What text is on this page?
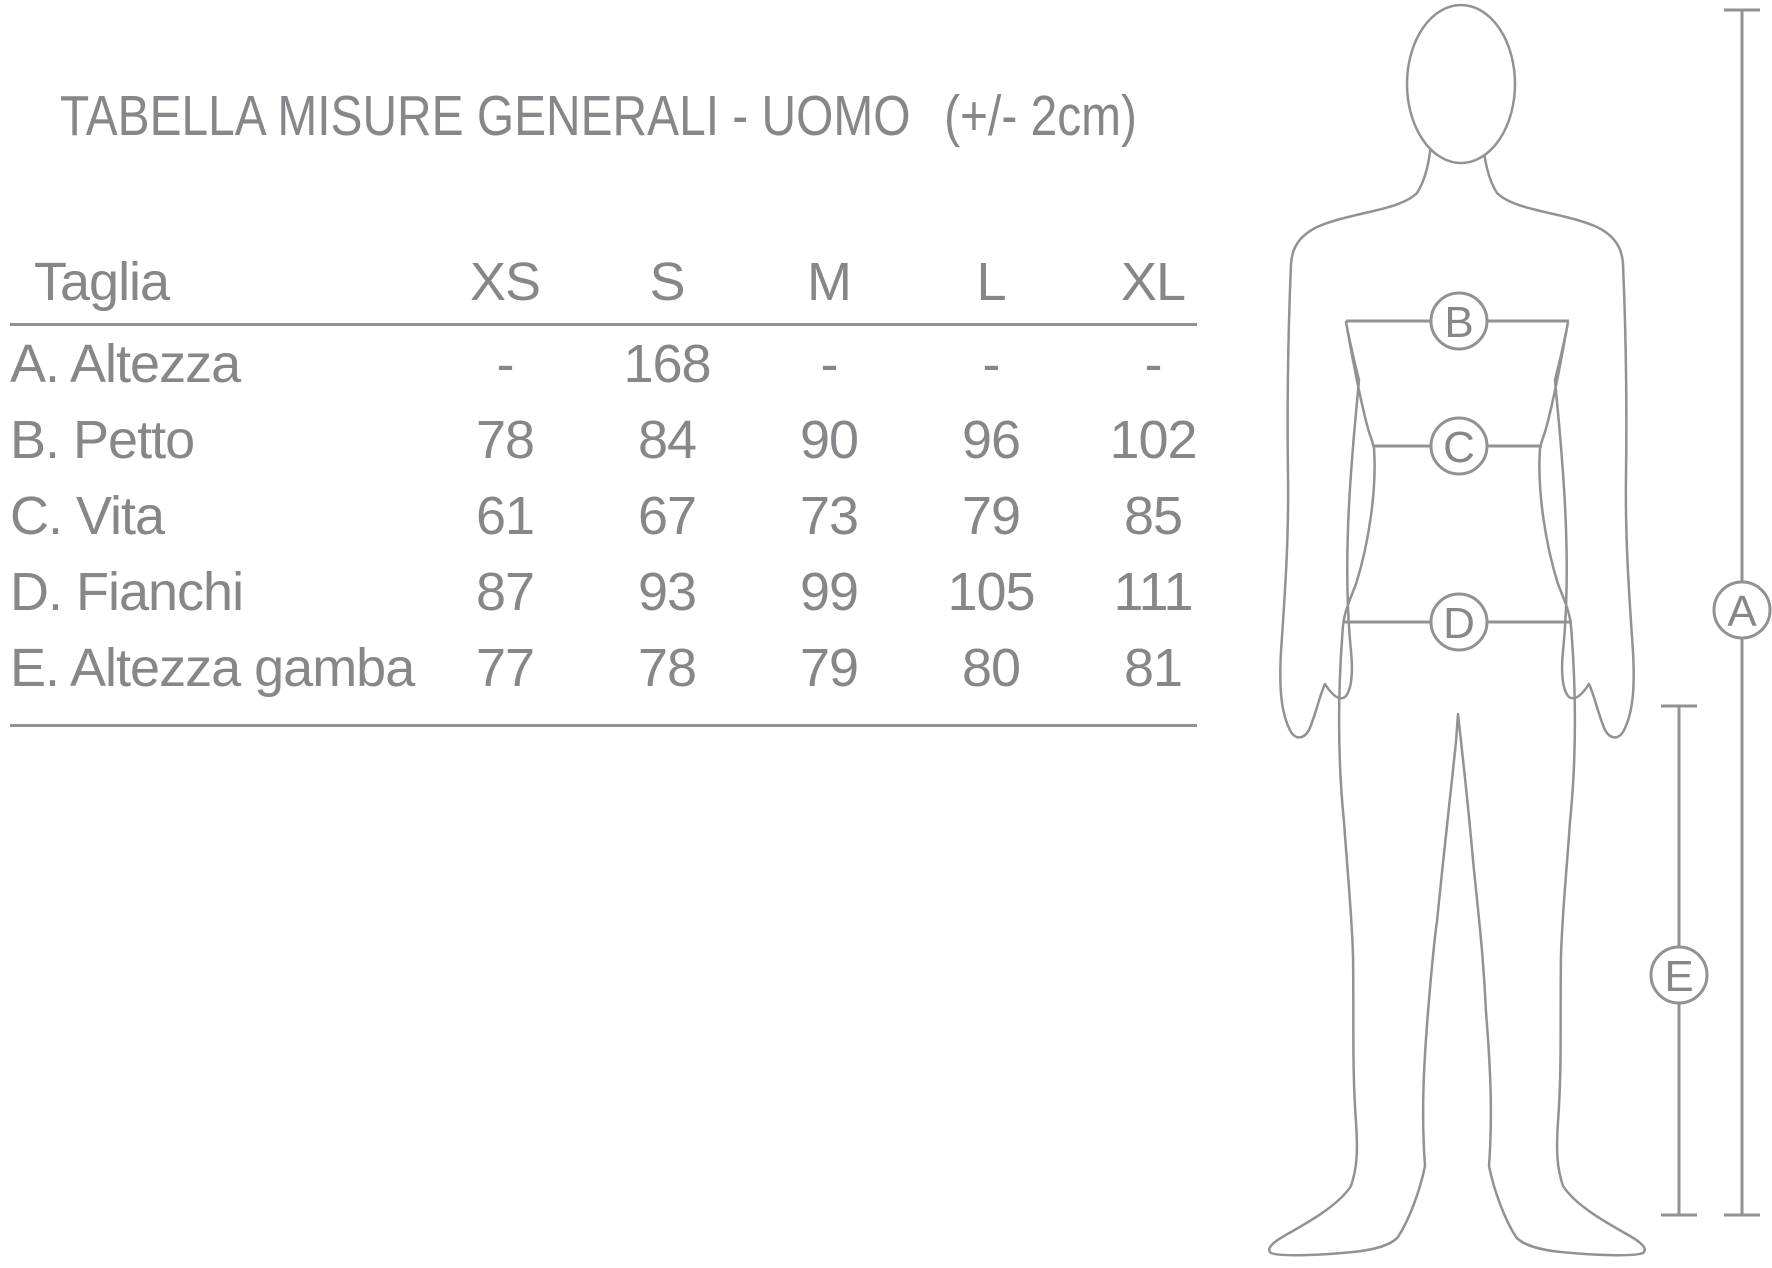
TABELLA MISURE GENERALI - UOMO (+/- 2cm)
Taglia	XS	S	M	L	XL
A. Altezza	-	168	-	-	-
B. Petto	78	84	90	96	102
C. Vita	61	67	73	79	85
D. Fianchi	87	93	99	105	111
E. Altezza gamba	77	78	79	80	81
B
C
D	A
E
